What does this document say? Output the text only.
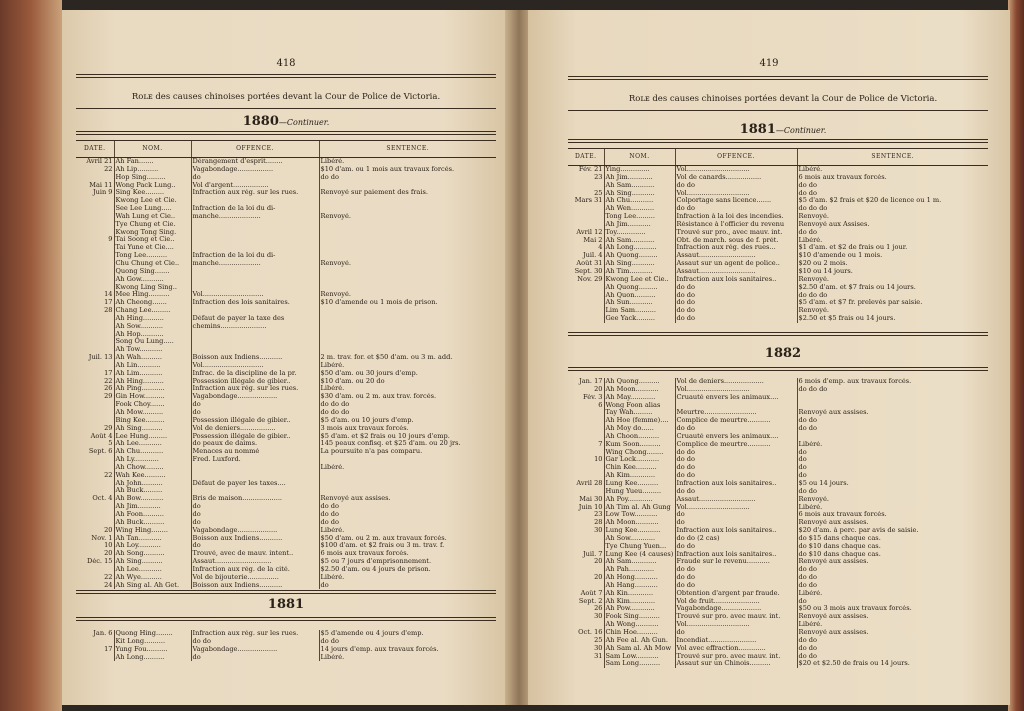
418
Rᴏʟᴇ des causes chinoises portées devant la Cour de Police de Victoria.
1880—Continuer.
DATE.	NOM.	OFFENCE.	SENTENCE.
Avril 21	Ah Fan.......	Dérangement d'esprit........	Libéré.
22	Ah Lip..........	Vagabondage.................	$10 d'am. ou 1 mois aux travaux forcés.
	Hop Sing.........	do	do do
Mai 11	Wong Pack Lung..	Vol d'argent.................	
Juin 9	Sing Kee.........	Infraction aux rég. sur les rues.	Renvoyé sur paiement des frais.
	Kwong Lee et Cie.		
	See Lee Lung.....	Infraction de la loi du di-	
	Wah Lung et Cie..	manche....................	Renvoyé.
	Tye Chung et Cie.		
	Kwong Tong Sing.		
9	Tai Soong et Cie..		
	Tai Yune et Cie....		
	Tong Lee..........	Infraction de la loi du di-	
	Chu Chung et Cie..	manche....................	Renvoyé.
	Quong Sing.......		
	Ah Gow...........		
	Kwong Ling Sing..		
14	Mee Hing..........	Vol.............................	Renvoyé.
17	Ah Cheong.......	Infraction des lois sanitaires.	$10 d'amende ou 1 mois de prison.
28	Chang Lee.........		
	Ah Hing..........	Défaut de payer la taxe des	
	Ah Sow...........	chemins......................	
	Ah Hop...........		
	Song Ou Lung.....		
	Ah Tow...........		
Juil. 13	Ah Wah..........	Boisson aux Indiens...........	2 m. trav. for. et $50 d'am. ou 3 m. add.
	Ah Lin...........	Vol.............................	Libéré.
17	Ah Lim...........	Infrac. de la discipline de la pr.	$50 d'am. ou 30 jours d'emp.
22	Ah Hing..........	Possession illégale de gibier..	$10 d'am. ou 20 do
26	Ah Ping...........	Infraction aux rég. sur les rues.	Libéré.
29	Gin How..........	Vagabondage...................	$30 d'am. ou 2 m. aux trav. forcés.
	Fook Choy.......	do	do do do
	Ah Mow..........	do	do do do
	Bing Kee.........	Possession illégale de gibier..	$5 d'am. ou 10 jours d'emp.
29	Ah Sing..........	Vol de deniers.................	3 mois aux travaux forcés.
Août 4	Lee Hung.........	Possession illégale de gibier..	$5 d'am. et $2 frais ou 10 jours d'emp.
5	Ah Lee...........	do peaux de daims.	145 peaux confisq. et $25 d'am. ou 20 jrs.
Sept. 6	Ah Chu...........	Menaces au nommé	La poursuite n'a pas comparu.
	Ah Ly............	Fred. Luxford.	
	Ah Chow.........		Libéré.
22	Wah Kee..........		
	Ah John..........	Défaut de payer les taxes....	
	Ah Buck.........		
Oct. 4	Ah Bow...........	Bris de maison...................	Renvoyé aux assises.
	Ah Jim...........	do	do do
	Ah Foon..........	do	do do
	Ah Buck..........	do	do do
20	Wing Hing........	Vagabondage...................	Libéré.
Nov. 1	Ah Tan...........	Boisson aux Indiens...........	$50 d'am. ou 2 m. aux travaux forcés.
10	Ah Loy...........	do	$100 d'am. et $2 frais ou 3 m. trav. f.
20	Ah Song..........	Trouvé, avec de mauv. intent..	6 mois aux travaux forcés.
Déc. 15	Ah Sing..........	Assaut...........................	$5 ou 7 jours d'emprisonnement.
	Ah Lee...........	Infraction aux rég. de la cité.	$2.50 d'am. ou 4 jours de prison.
22	Ah Wye..........	Vol de bijouterie...............	Libéré.
24	Ah Sing al. Ah Get.	Boisson aux Indiens...........	do
1881
Jan. 6	Quong Hing........	Infraction aux rég. sur les rues.	$5 d'amende ou 4 jours d'emp.
	Kit Long..........	do do	do do
17	Yung Fou..........	Vagabondage...................	14 jours d'emp. aux travaux forcés.
	Ah Long..........	do	Libéré.
419
Rᴏʟᴇ des causes chinoises portées devant la Cour de Police de Victoria.
1881—Continuer.
DATE.	NOM.	OFFENCE.	SENTENCE.
Fév. 21	Ying..............	Vol..............................	Libéré.
23	Ah Jim............	Vol de canards.................	6 mois aux travaux forcés.
	Ah Sam...........	do do	do do
25	Ah Sing...........	Vol..............................	do do
Mars 31	Ah Chu...........	Colportage sans licence.......	$5 d'am. $2 frais et $20 de licence ou 1 m.
	Ah Wen...........	do do	do do do
	Tong Lee.........	Infraction à la loi des incendies.	Renvoyé.
	Ah Jim...........	Résistance à l'officier du revenu	Renvoyé aux Assises.
Avril 12	Toy..............	Trouvé sur pro., avec mauv. int.	do do
Mai 2	Ah Sam...........	Obt. de march. sous de f. prét.	Libéré.
4	Ah Long...........	Infraction aux rég. des rues...	$1 d'am. et $2 de frais ou 1 jour.
Juil. 4	Ah Quong.........	Assaut...........................	$10 d'amende ou 1 mois.
Août 31	Ah Sing...........	Assaut sur un agent de police..	$20 ou 2 mois.
Sept. 30	Ah Tim...........	Assaut...........................	$10 ou 14 jours.
Nov. 29	Kwong Lee et Cie..	Infraction aux lois sanitaires..	Renvoyé.
	Ah Quong.........	do do	$2.50 d'am. et $7 frais ou 14 jours.
	Ah Quon..........	do do	do do do
	Ah Sun...........	do do	$5 d'am. et $7 fr. prelevés par saisie.
	Lim Sam..........	do do	Renvoyé.
	Gee Yack.........	do do	$2.50 et $5 frais ou 14 jours.
1882
Jan. 17	Ah Quong..........	Vol de deniers...................	6 mois d'emp. aux travaux forcés.
20	Ah Moon...........	Vol..............................	do do do
Fév. 3	Ah May............	Cruauté envers les animaux....	
6	Wong Foon alias		
	Tay Wah.........	Meurtre.........................	Renvoyé aux assises.
	Ah Hoe (femme)....	Complice de meurtre...........	do do
	Ah Moy do......	do do	do do
	Ah Choon..........	Cruauté envers les animaux....	
7	Kum Soon..........	Complice de meurtre...........	Libéré.
	Wing Chong........	do do	do
10	Gar Lock...........	do do	do
	Chin Kee..........	do do	do
	Ah Kim............	do do	do
Avril 28	Lung Kee..........	Infraction aux lois sanitaires..	$5 ou 14 jours.
	Hung Yueu.........	do do	do do
Mai 30	Ah Poy............	Assaut...........................	Renvoyé.
Juin 10	Ah Tim al. Ah Gung	Vol..............................	Libéré.
23	Low Tow...........	do	6 mois aux travaux forcés.
28	Ah Moon...........	do	Renvoyé aux assises.
30	Lung Kee...........	Infraction aux lois sanitaires..	$20 d'am. à perc. par avis de saisie.
	Ah Sow............	do do (2 cas)	do $15 dans chaque cas.
	Tye Chung Yuen...	do do	do $10 dans chaque cas.
Juil. 7	Lung Kee (4 causes)	Infraction aux lois sanitaires..	do $10 dans chaque cas.
20	Ah Sam............	Fraude sur le revenu...........	Renvoyé aux assises.
	Ah Pah............	do do	do do
20	Ah Hong...........	do do	do do
	Ah Hang...........	do do	do do
Août 7	Ah Kin............	Obtention d'argent par fraude.	Libéré.
Sept. 2	Ah Kim............	Vol de fruit......................	do
26	Ah Pow............	Vagabondage...................	$50 ou 3 mois aux travaux forcés.
30	Fook Sing..........	Trouvé sur pro. avec mauv. int.	Renvoyé aux assises.
	Ah Wong...........	Vol..............................	Libéré.
Oct. 16	Chin Hoe..........	do	Renvoyé aux assises.
25	Ah Fee al. Ah Gun.	Incendiat.......................	do do
30	Ah Sam al. Ah Mow	Vol avec effraction.............	do do
31	Sam Low...........	Trouvé sur pro. avec mauv. int.	do do
	Sam Long..........	Assaut sur un Chinois..........	$20 et $2.50 de frais ou 14 jours.
